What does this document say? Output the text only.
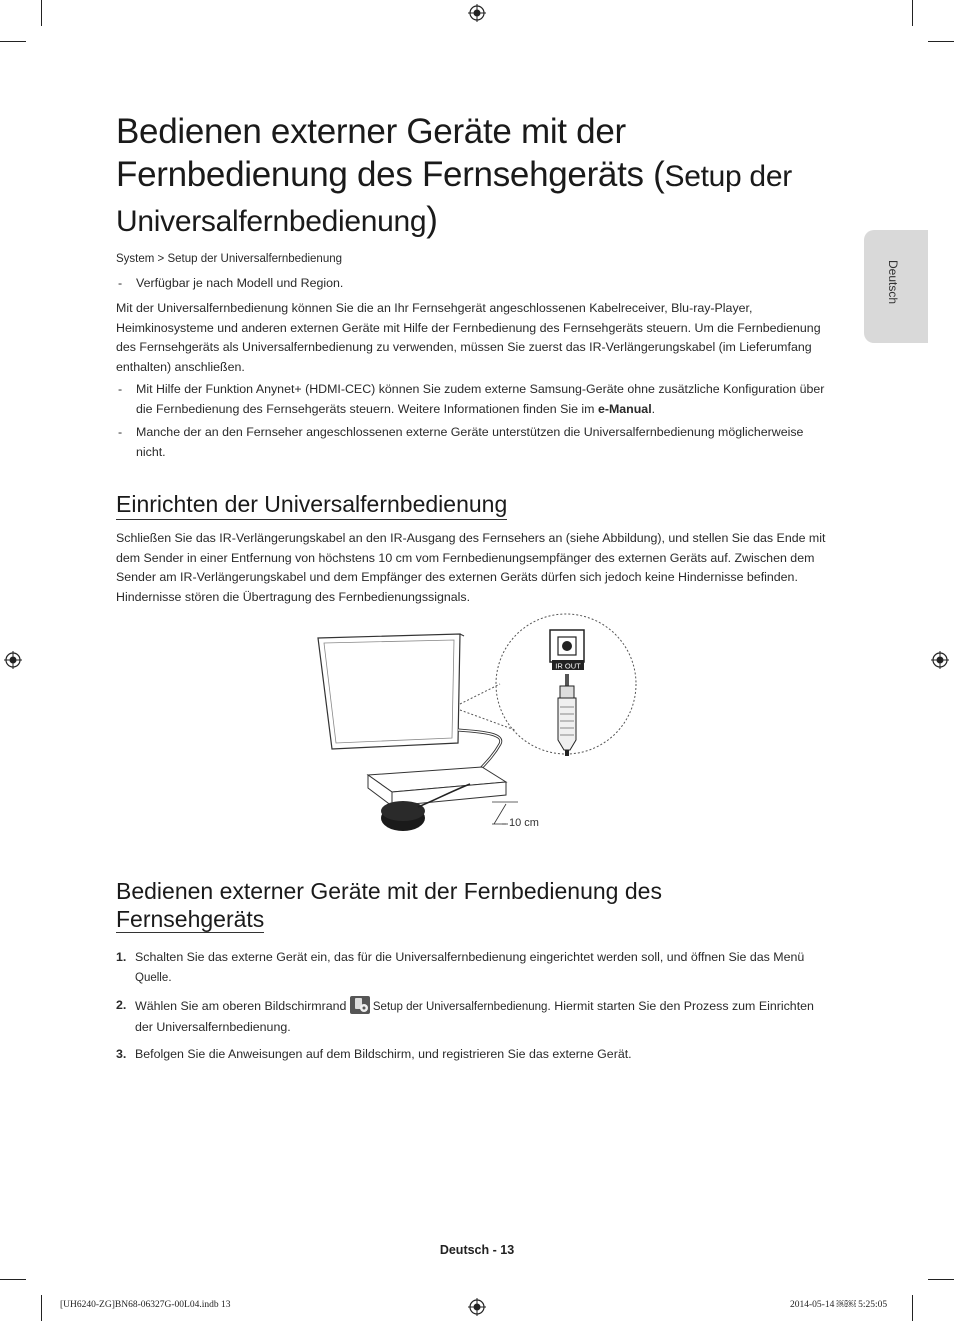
Deutsch
Bedienen externer Geräte mit der
Fernbedienung des Fernsehgeräts (Setup der
Universalfernbedienung)
System > Setup der Universalfernbedienung
- Verfügbar je nach Modell und Region.
Mit der Universalfernbedienung können Sie die an Ihr Fernsehgerät angeschlossenen Kabelreceiver, Blu-ray-Player, Heimkinosysteme und anderen externen Geräte mit Hilfe der Fernbedienung des Fernsehgeräts steuern. Um die Fernbedienung des Fernsehgeräts als Universalfernbedienung zu verwenden, müssen Sie zuerst das IR-Verlängerungskabel (im Lieferumfang enthalten) anschließen.
- Mit Hilfe der Funktion Anynet+ (HDMI-CEC) können Sie zudem externe Samsung-Geräte ohne zusätzliche Konfiguration über die Fernbedienung des Fernsehgeräts steuern. Weitere Informationen finden Sie im e-Manual.
- Manche der an den Fernseher angeschlossenen externe Geräte unterstützen die Universalfernbedienung möglicherweise nicht.
Einrichten der Universalfernbedienung
Schließen Sie das IR-Verlängerungskabel an den IR-Ausgang des Fernsehers an (siehe Abbildung), und stellen Sie das Ende mit dem Sender in einer Entfernung von höchstens 10 cm vom Fernbedienungsempfänger des externen Geräts auf. Zwischen dem Sender am IR-Verlängerungskabel und dem Empfänger des externen Geräts dürfen sich jedoch keine Hindernisse befinden. Hindernisse stören die Übertragung des Fernbedienungssignals.
IR OUT
10 cm
Bedienen externer Geräte mit der Fernbedienung des
Fernsehgeräts
1. Schalten Sie das externe Gerät ein, das für die Universalfernbedienung eingerichtet werden soll, und öffnen Sie das Menü Quelle.
2. Wählen Sie am oberen Bildschirmrand Setup der Universalfernbedienung. Hiermit starten Sie den Prozess zum Einrichten der Universalfernbedienung.
3. Befolgen Sie die Anweisungen auf dem Bildschirm, und registrieren Sie das externe Gerät.
Deutsch - 13
[UH6240-ZG]BN68-06327G-00L04.indb 13	2014-05-14 ￼￼ 5:25:05
